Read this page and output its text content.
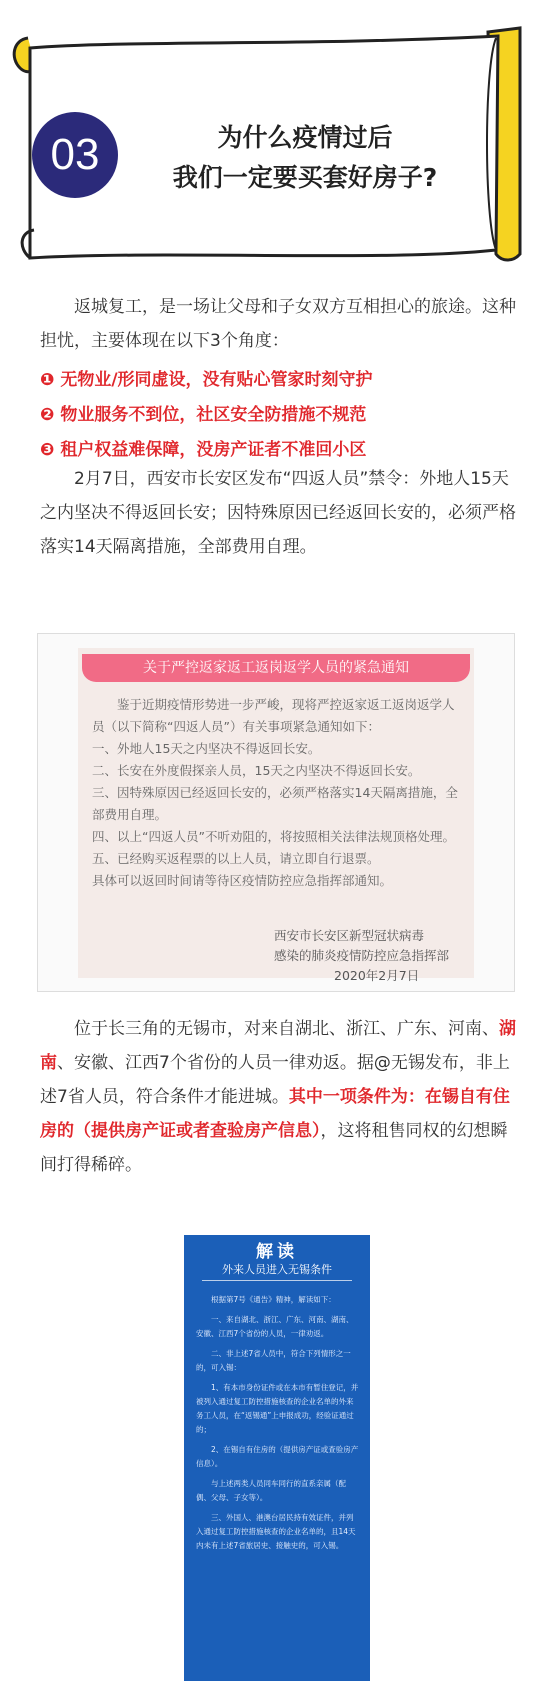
03	为什么疫情过后
我们一定要买套好房子?
返城复工，是一场让父母和子女双方互相担心的旅途。这种担忧，主要体现在以下3个角度：
❶ 无物业/形同虚设，没有贴心管家时刻守护
❷ 物业服务不到位，社区安全防措施不规范
❸ 租户权益难保障，没房产证者不准回小区
2月7日，西安市长安区发布“四返人员”禁令：外地人15天之内坚决不得返回长安；因特殊原因已经返回长安的，必须严格落实14天隔离措施，全部费用自理。
关于严控返家返工返岗返学人员的紧急通知

鉴于近期疫情形势进一步严峻，现将严控返家返工返岗返学人员（以下简称“四返人员”）有关事项紧急通知如下：

一、外地人15天之内坚决不得返回长安。

二、长安在外度假探亲人员，15天之内坚决不得返回长安。

三、因特殊原因已经返回长安的，必须严格落实14天隔离措施，全部费用自理。

四、以上“四返人员”不听劝阻的，将按照相关法律法规顶格处理。

五、已经购买返程票的以上人员，请立即自行退票。

具体可以返回时间请等待区疫情防控应急指挥部通知。

西安市长安区新型冠状病毒
感染的肺炎疫情防控应急指挥部
2020年2月7日
位于长三角的无锡市，对来自湖北、浙江、广东、河南、湖南、安徽、江西7个省份的人员一律劝返。据@无锡发布，非上述7省人员，符合条件才能进城。其中一项条件为：在锡自有住房的（提供房产证或者查验房产信息），这将租售同权的幻想瞬间打得稀碎。
解读
外来人员进入无锡条件

根据第7号《通告》精神，解读如下：

一、来自湖北、浙江、广东、河南、湖南、安徽、江西7个省份的人员，一律劝返。

二、非上述7省人员中，符合下列情形之一的，可入锡：

1、有本市身份证件或在本市有暂住登记，并被列入通过复工防控措施核查的企业名单的外来务工人员，在“返锡通”上申报成功，经验证通过的；

2、在锡自有住房的（提供房产证或查验房产信息）。

与上述两类人员同车同行的直系亲属（配偶、父母、子女等）。

三、外国人、港澳台居民持有效证件，并列入通过复工防控措施核查的企业名单的，且14天内未有上述7省旅居史、接触史的，可入锡。
